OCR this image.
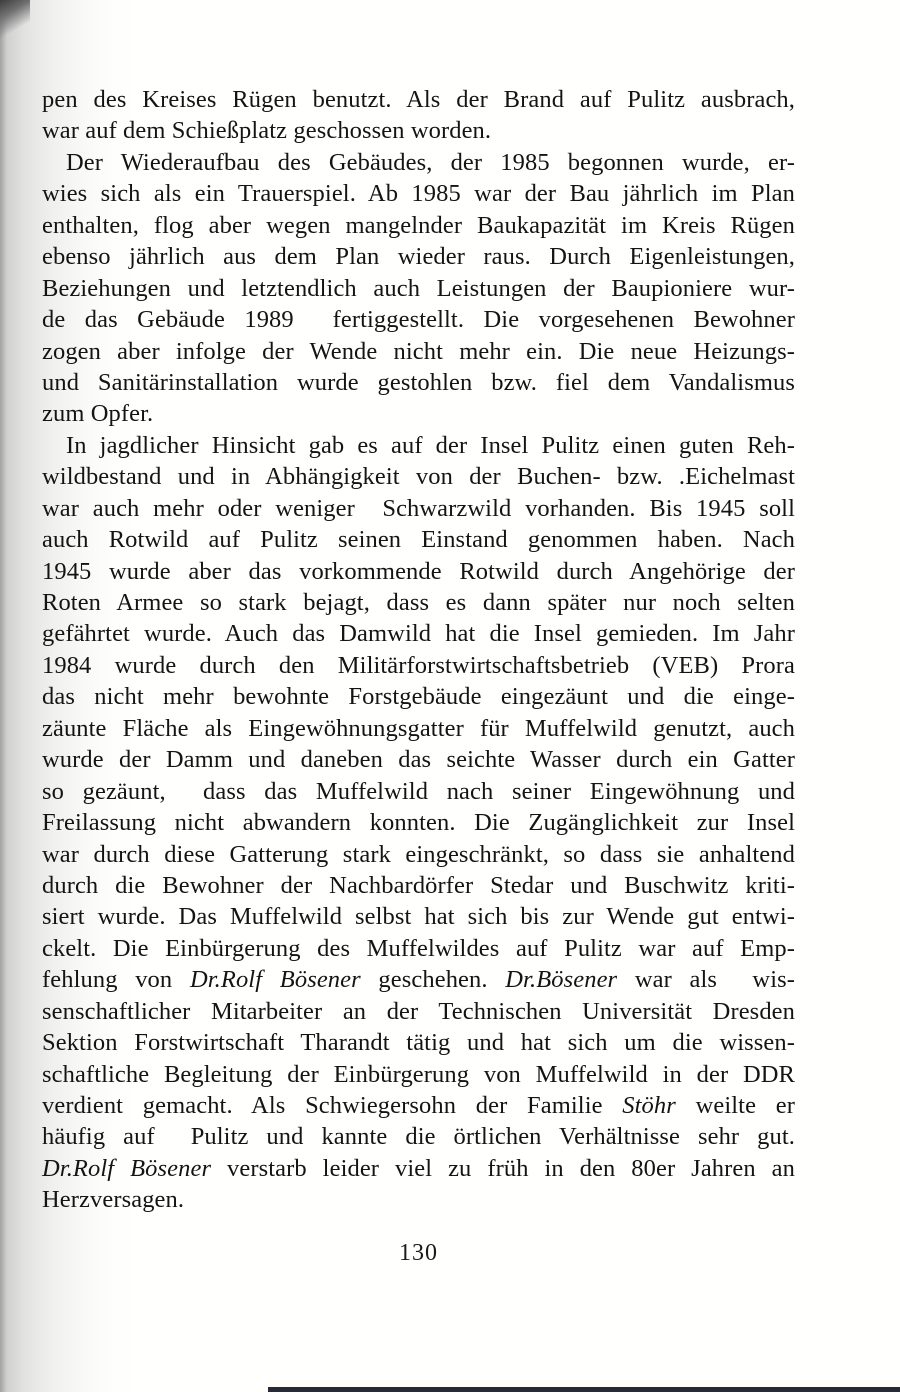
pen des Kreises Rügen benutzt. Als der Brand auf Pulitz ausbrach,
war auf dem Schießplatz geschossen worden.
Der Wiederaufbau des Gebäudes, der 1985 begonnen wurde, er-
wies sich als ein Trauerspiel. Ab 1985 war der Bau jährlich im Plan
enthalten, flog aber wegen mangelnder Baukapazität im Kreis Rügen
ebenso jährlich aus dem Plan wieder raus. Durch Eigenleistungen,
Beziehungen und letztendlich auch Leistungen der Baupioniere wur-
de das Gebäude 1989  fertiggestellt. Die vorgesehenen Bewohner
zogen aber infolge der Wende nicht mehr ein. Die neue Heizungs-
und Sanitärinstallation wurde gestohlen bzw. fiel dem Vandalismus
zum Opfer.
In jagdlicher Hinsicht gab es auf der Insel Pulitz einen guten Reh-
wildbestand und in Abhängigkeit von der Buchen- bzw. .Eichelmast
war auch mehr oder weniger  Schwarzwild vorhanden. Bis 1945 soll
auch Rotwild auf Pulitz seinen Einstand genommen haben. Nach
1945 wurde aber das vorkommende Rotwild durch Angehörige der
Roten Armee so stark bejagt, dass es dann später nur noch selten
gefährtet wurde. Auch das Damwild hat die Insel gemieden. Im Jahr
1984 wurde durch den Militärforstwirtschaftsbetrieb (VEB) Prora
das nicht mehr bewohnte Forstgebäude eingezäunt und die einge-
zäunte Fläche als Eingewöhnungsgatter für Muffelwild genutzt, auch
wurde der Damm und daneben das seichte Wasser durch ein Gatter
so gezäunt,  dass das Muffelwild nach seiner Eingewöhnung und
Freilassung nicht abwandern konnten. Die Zugänglichkeit zur Insel
war durch diese Gatterung stark eingeschränkt, so dass sie anhaltend
durch die Bewohner der Nachbardörfer Stedar und Buschwitz kriti-
siert wurde. Das Muffelwild selbst hat sich bis zur Wende gut entwi-
ckelt. Die Einbürgerung des Muffelwildes auf Pulitz war auf Emp-
fehlung von Dr.Rolf Bösener geschehen. Dr.Bösener war als  wis-
senschaftlicher Mitarbeiter an der Technischen Universität Dresden
Sektion Forstwirtschaft Tharandt tätig und hat sich um die wissen-
schaftliche Begleitung der Einbürgerung von Muffelwild in der DDR
verdient gemacht. Als Schwiegersohn der Familie Stöhr weilte er
häufig auf  Pulitz und kannte die örtlichen Verhältnisse sehr gut.
Dr.Rolf Bösener verstarb leider viel zu früh in den 80er Jahren an
Herzversagen.
130
